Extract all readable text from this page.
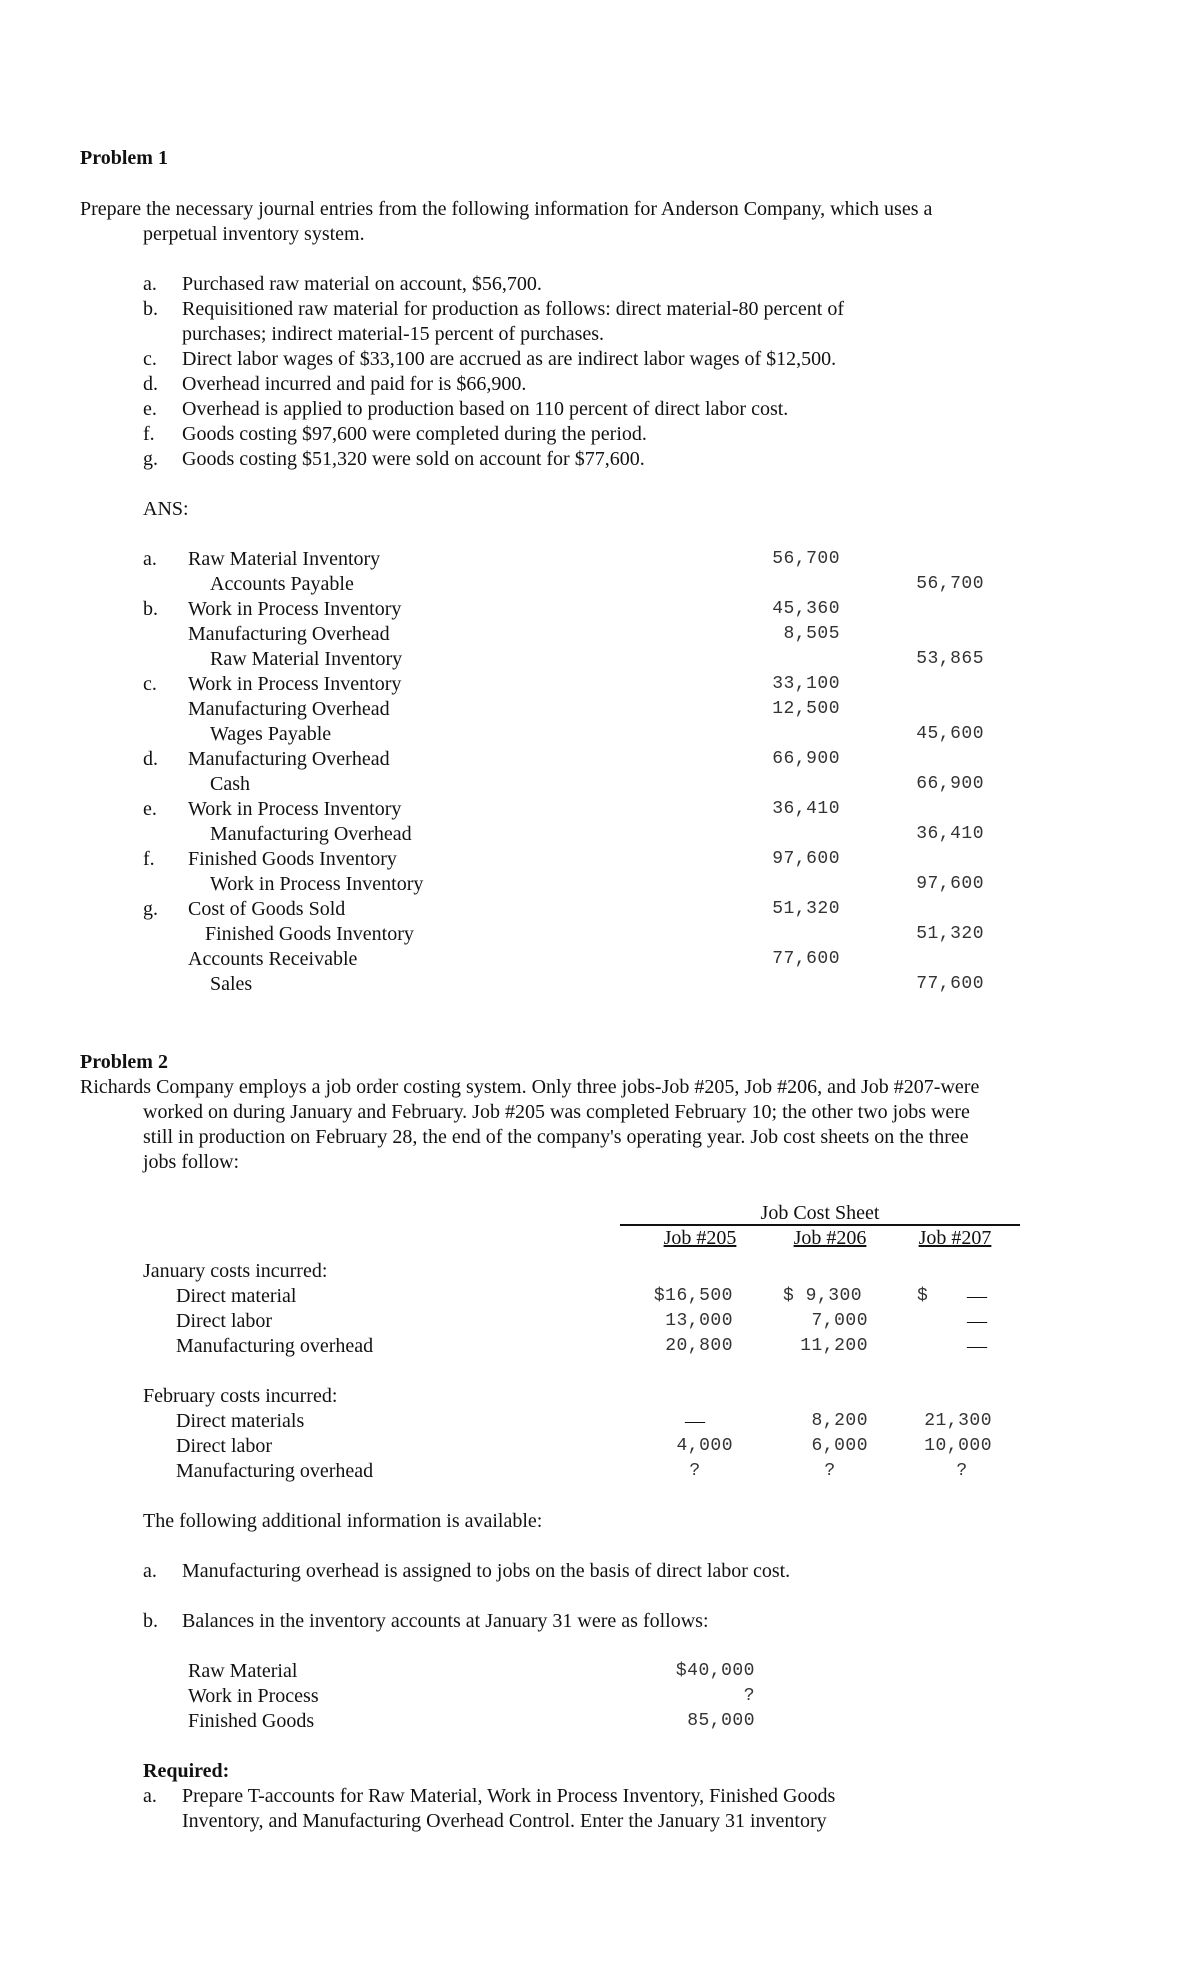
Problem 1
Prepare the necessary journal entries from the following information for Anderson Company, which uses a
perpetual inventory system.
a. Purchased raw material on account, $56,700.
b. Requisitioned raw material for production as follows: direct material-80 percent of
purchases; indirect material-15 percent of purchases.
c. Direct labor wages of $33,100 are accrued as are indirect labor wages of $12,500.
d. Overhead incurred and paid for is $66,900.
e. Overhead is applied to production based on 110 percent of direct labor cost.
f. Goods costing $97,600 were completed during the period.
g. Goods costing $51,320 were sold on account for $77,600.
ANS:
a. Raw Material Inventory	56,700
Accounts Payable	56,700
b. Work in Process Inventory	45,360
Manufacturing Overhead	8,505
Raw Material Inventory	53,865
c. Work in Process Inventory	33,100
Manufacturing Overhead	12,500
Wages Payable	45,600
d. Manufacturing Overhead	66,900
Cash	66,900
e. Work in Process Inventory	36,410
Manufacturing Overhead	36,410
f. Finished Goods Inventory	97,600
Work in Process Inventory	97,600
g. Cost of Goods Sold	51,320
Finished Goods Inventory	51,320
Accounts Receivable	77,600
Sales	77,600
Problem 2
Richards Company employs a job order costing system. Only three jobs-Job #205, Job #206, and Job #207-were
worked on during January and February. Job #205 was completed February 10; the other two jobs were
still in production on February 28, the end of the company's operating year. Job cost sheets on the three
jobs follow:
Job Cost Sheet
Job #205	Job #206	Job #207
January costs incurred:
Direct material	$16,500	$ 9,300	$	—
Direct labor	13,000	7,000	—
Manufacturing overhead	20,800	11,200	—
February costs incurred:
Direct materials	—	8,200	21,300
Direct labor	4,000	6,000	10,000
Manufacturing overhead	?	?	?
The following additional information is available:
a. Manufacturing overhead is assigned to jobs on the basis of direct labor cost.
b. Balances in the inventory accounts at January 31 were as follows:
Raw Material	$40,000
Work in Process	?
Finished Goods	85,000
Required:
a. Prepare T-accounts for Raw Material, Work in Process Inventory, Finished Goods
Inventory, and Manufacturing Overhead Control. Enter the January 31 inventory
